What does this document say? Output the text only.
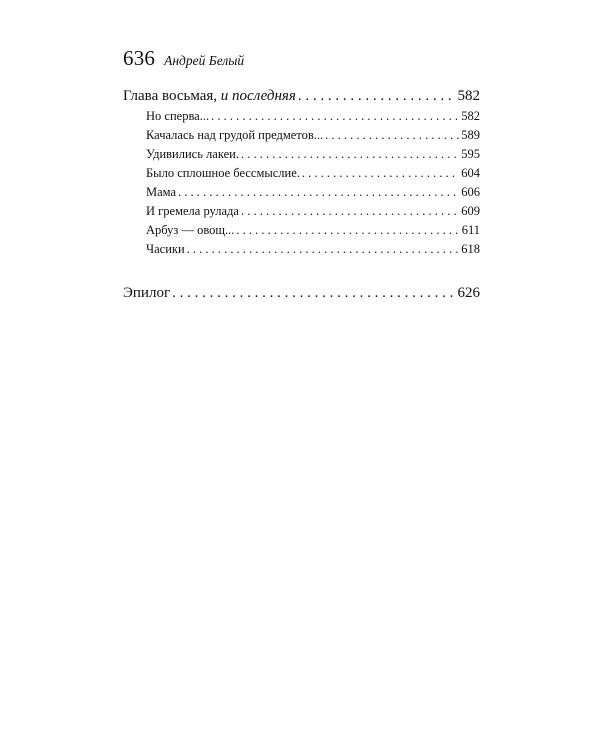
636 Андрей Белый
Глава восьмая, и последняя . . .	582
Но сперва... . . .	582
Качалась над грудой предметов... . . .	589
Удивились лакеи. . . .	595
Было сплошное бессмыслие. . . .	604
Мама . . .	606
И гремела рулада . . .	609
Арбуз — овощ... . . .	611
Часики . . .	618
Эпилог . . .	626
